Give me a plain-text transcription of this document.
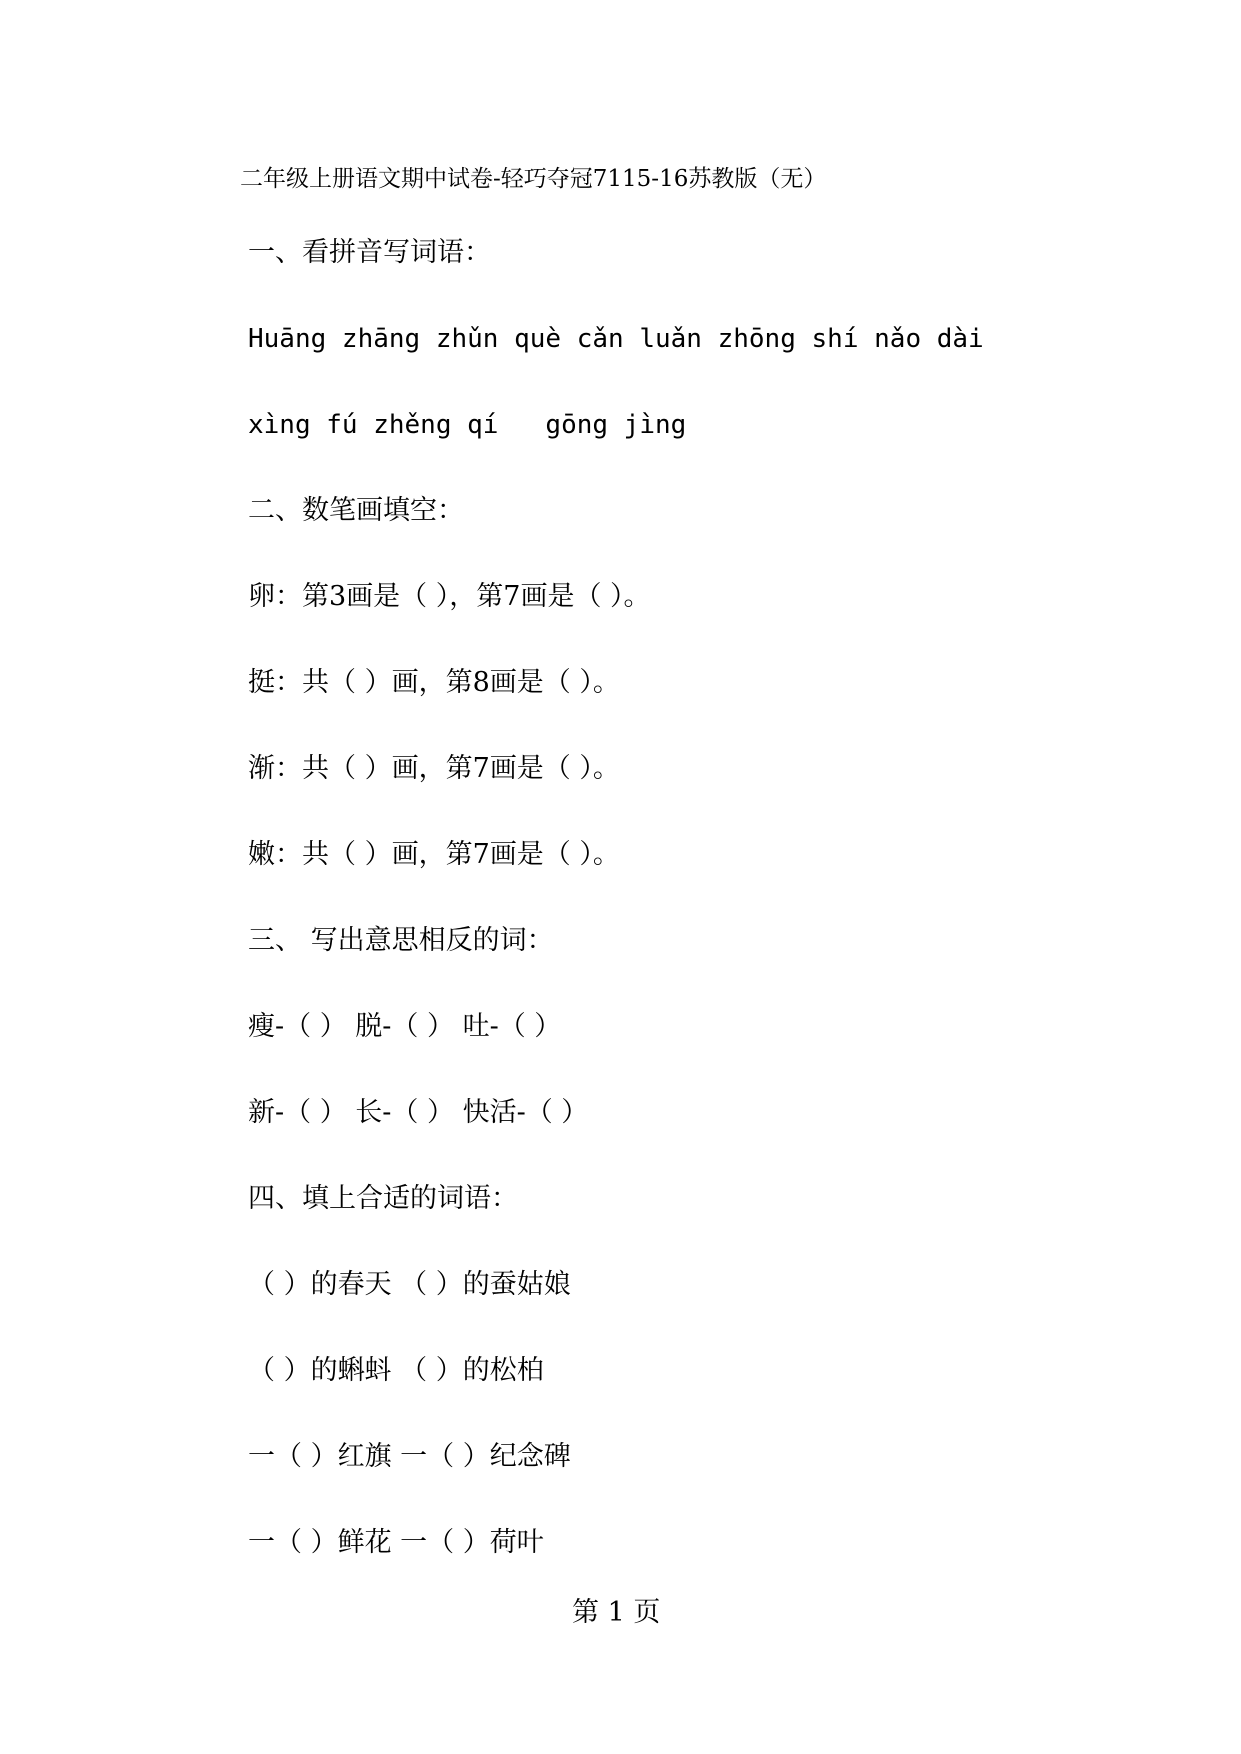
二年级上册语文期中试卷-轻巧夺冠7115-16苏教版（无）
一、看拼音写词语：
Huāng zhāng zhǔn què cǎn luǎn zhōng shí nǎo dài
xìng fú zhěng qí   gōng jìng
二、数笔画填空：
卵：第3画是（ ），第7画是（ ）。
挺：共（ ）画，第8画是（ ）。
渐：共（ ）画，第7画是（ ）。
嫩：共（ ）画，第7画是（ ）。
三、 写出意思相反的词：
瘦-（ ） 脱-（ ） 吐-（ ）
新-（ ） 长-（ ） 快活-（ ）
四、填上合适的词语：
（ ）的春天 （ ）的蚕姑娘
（ ）的蝌蚪 （ ）的松柏
一（ ）红旗 一（ ）纪念碑
一（ ）鲜花 一（ ）荷叶
第 1 页
